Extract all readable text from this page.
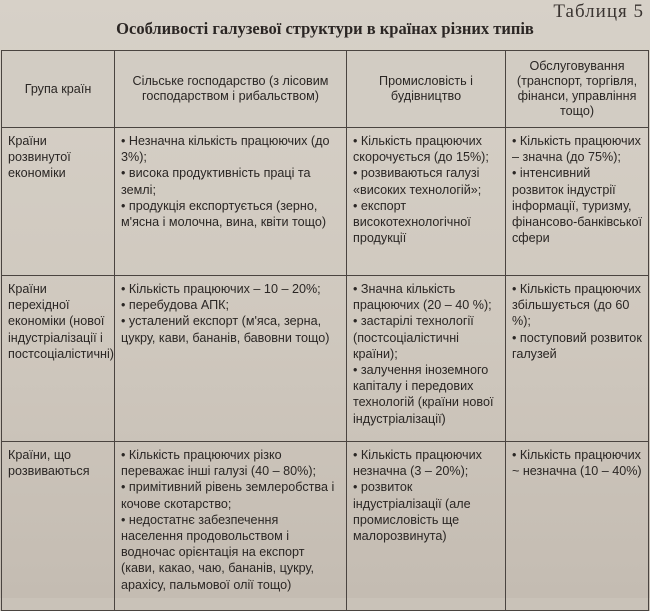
Таблиця 5
Особливості галузевої структури в країнах різних типів
Група країн	Сільське господарство (з лісовим господарством і рибальством)	Промисловість і будівництво	Обслуговування (транспорт, торгівля, фінанси, управління тощо)
Країни розвинутої економіки	• Незначна кількість працюючих (до 3%);
• висока продуктивність праці та землі;
• продукція експортується (зерно, м'ясна і молочна, вина, квіти тощо)	• Кількість працюючих скорочується (до 15%);
• розвиваються галузі «високих технологій»;
• експорт високотехнологічної продукції	• Кількість працюючих – значна (до 75%);
• інтенсивний розвиток індустрії інформації, туризму, фінансово-банківської сфери

Країни перехідної економіки (нової індустріалізації і постсоціалістичні)	• Кількість працюючих – 10 – 20%;
• перебудова АПК;
• усталений експорт (м'яса, зерна, цукру, кави, бананів, бавовни тощо)	• Значна кількість працюючих (20 – 40 %);
• застарілі технології (постсоціалістичні країни);
• залучення іноземного капіталу і передових технологій (країни нової індустріалізації)	• Кількість працюючих збільшується (до 60 %);
• поступовий розвиток галузей

Країни, що розвиваються	• Кількість працюючих різко переважає інші галузі (40 – 80%);
• примітивний рівень землеробства і кочове скотарство;
• недостатнє забезпечення населення продовольством і водночас орієнтація на експорт (кави, какао, чаю, бананів, цукру, арахісу, пальмової олії тощо)	• Кількість працюючих незначна (3 – 20%);
• розвиток індустріалізації (але промисловість ще малорозвинута)	• Кількість працюючих ~ незначна (10 – 40%)
